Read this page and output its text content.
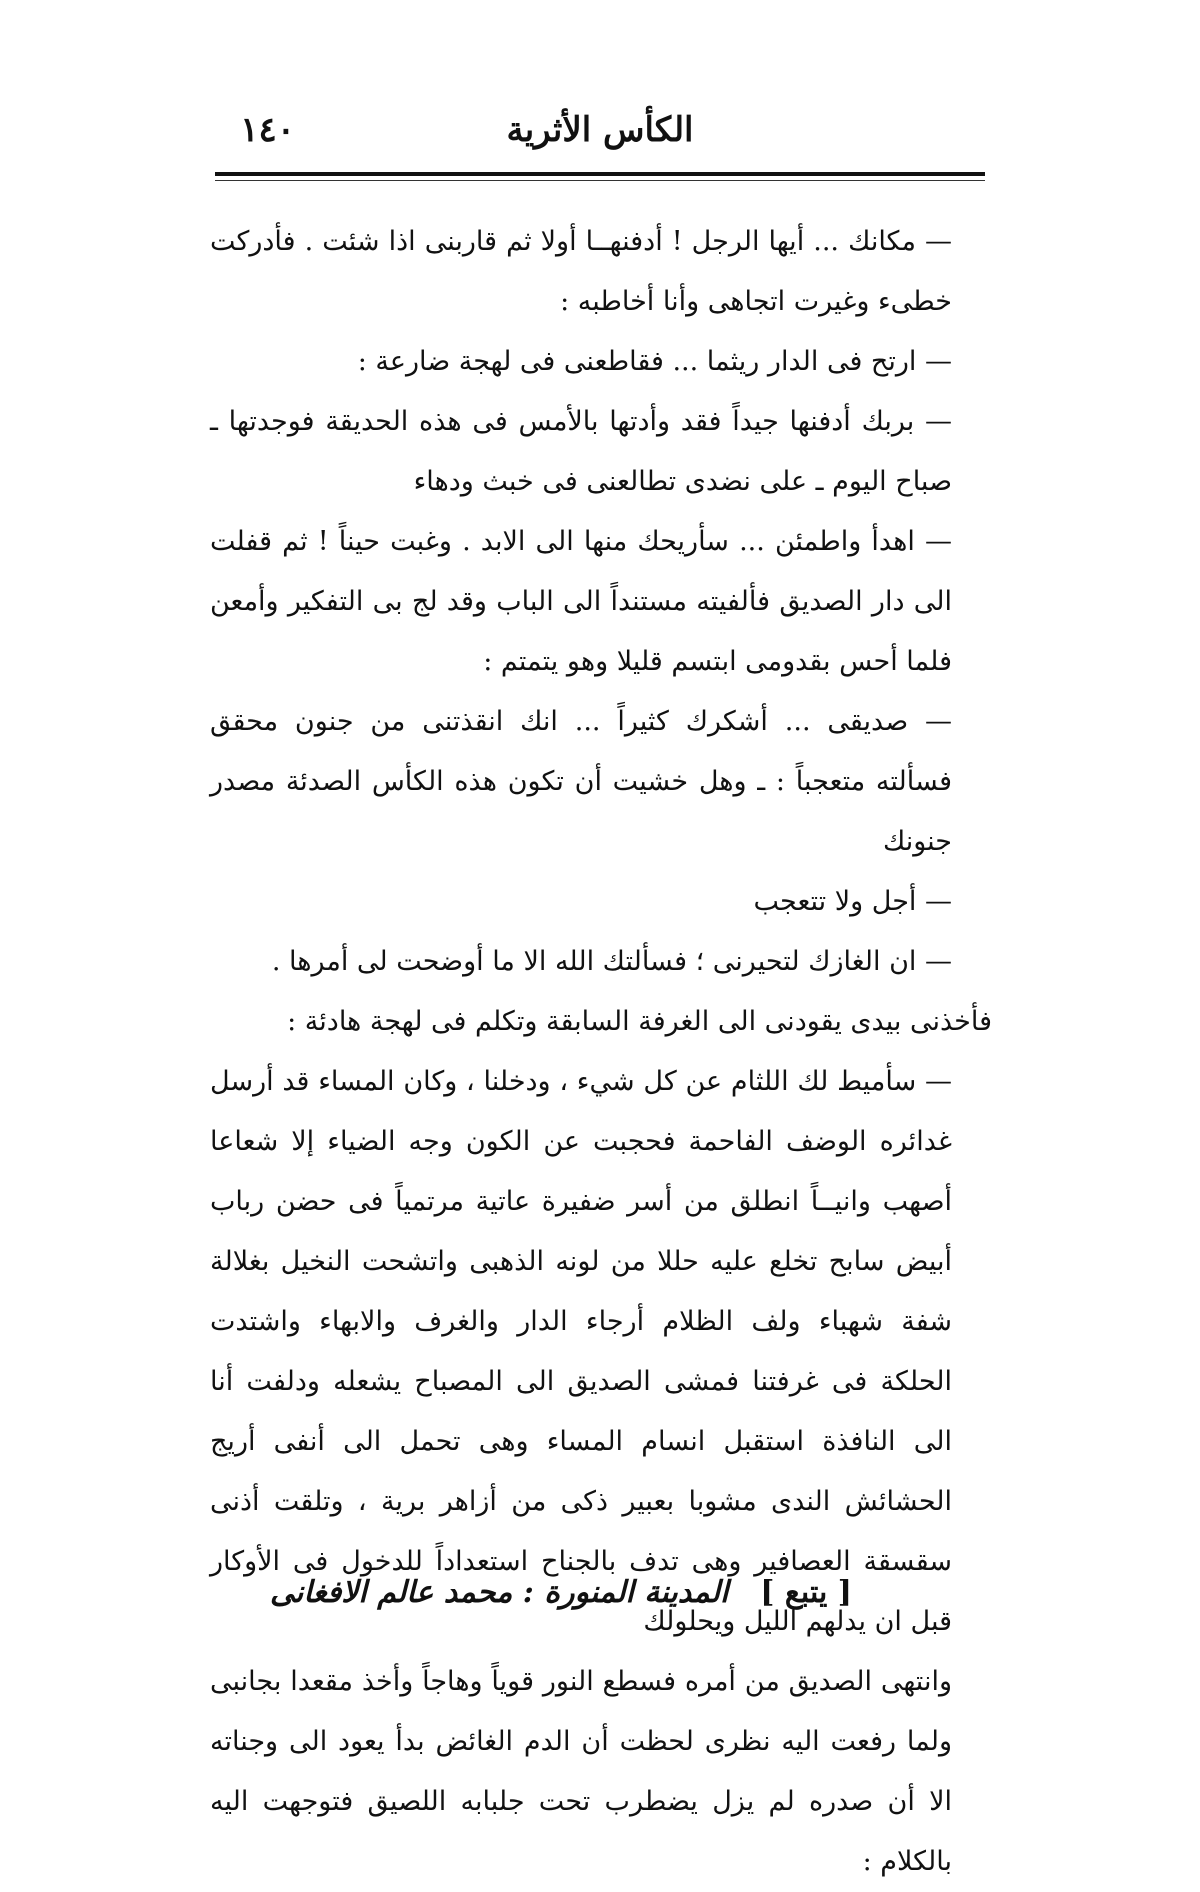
الكأس الأثرية
١٤٠

— مكانك ... أيها الرجل ! أدفنهــا أولا ثم قاربنى اذا شئت . فأدركت خطىء وغيرت اتجاهى وأنا أخاطبه :

— ارتح فى الدار ريثما ... فقاطعنى فى لهجة ضارعة :

— بربك أدفنها جيداً فقد وأدتها بالأمس فى هذه الحديقة فوجدتها ـ صباح اليوم ـ على نضدى تطالعنى فى خبث ودهاء

— اهدأ واطمئن ... سأريحك منها الى الابد . وغبت حيناً ! ثم قفلت الى دار الصديق فألفيته مستنداً الى الباب وقد لج بى التفكير وأمعن فلما أحس بقدومى ابتسم قليلا وهو يتمتم :

— صديقى ... أشكرك كثيراً ... انك انقذتنى من جنون محقق فسألته متعجباً : ـ وهل خشيت أن تكون هذه الكأس الصدئة مصدر جنونك

— أجل ولا تتعجب

— ان الغازك لتحيرنى ؛ فسألتك الله الا ما أوضحت لى أمرها .

فأخذنى بيدى يقودنى الى الغرفة السابقة وتكلم فى لهجة هادئة :

— سأميط لك اللثام عن كل شيء ، ودخلنا ، وكان المساء قد أرسل غدائره الوضف الفاحمة فحجبت عن الكون وجه الضياء إلا شعاعا أصهب وانيــاً انطلق من أسر ضفيرة عاتية مرتمياً فى حضن رباب أبيض سابح تخلع عليه حللا من لونه الذهبى واتشحت النخيل بغلالة شفة شهباء ولف الظلام أرجاء الدار والغرف والابهاء واشتدت الحلكة فى غرفتنا فمشى الصديق الى المصباح يشعله ودلفت أنا الى النافذة استقبل انسام المساء وهى تحمل الى أنفى أريج الحشائش الندى مشوبا بعبير ذكى من أزاهر برية ، وتلقت أذنى سقسقة العصافير وهى تدف بالجناح استعداداً للدخول فى الأوكار قبل ان يدلهم الليل ويحلولك

وانتهى الصديق من أمره فسطع النور قوياً وهاجاً وأخذ مقعدا بجانبى ولما رفعت اليه نظرى لحظت أن الدم الغائض بدأ يعود الى وجناته الا أن صدره لم يزل يضطرب تحت جلبابه اللصيق فتوجهت اليه بالكلام :

[ يتبع ]
المدينة المنورة : محمد عالم الافغانى
